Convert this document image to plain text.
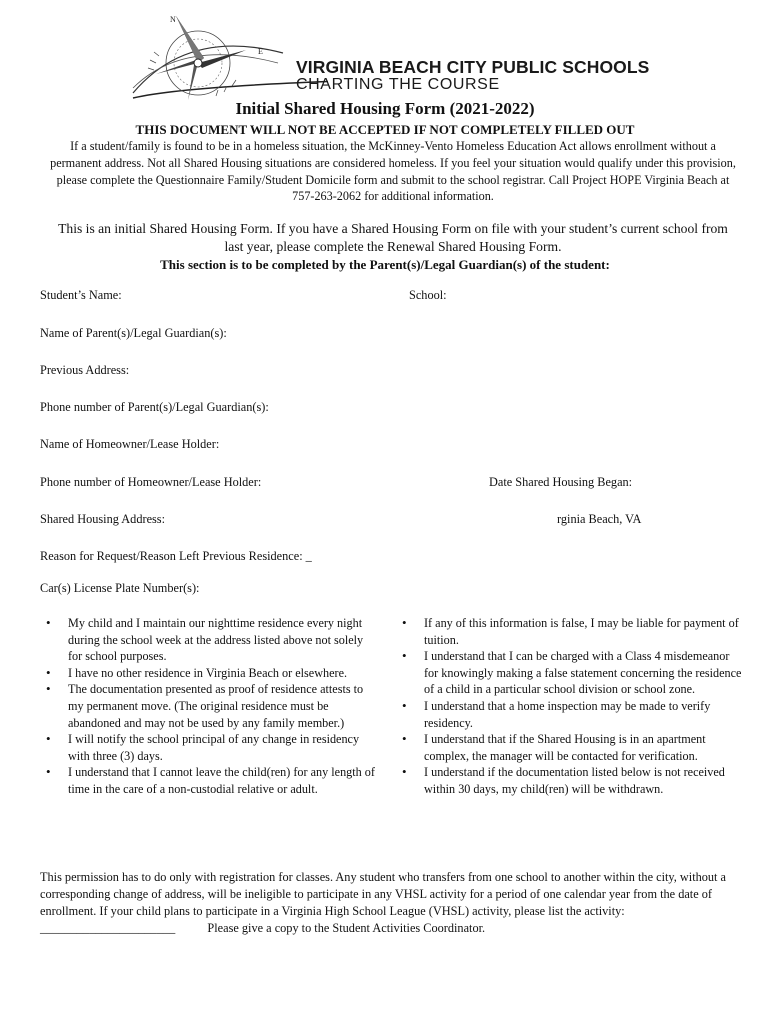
N
E
VIRGINIA BEACH CITY PUBLIC SCHOOLS
CHARTING THE COURSE
Initial Shared Housing Form (2021-2022)
THIS DOCUMENT WILL NOT BE ACCEPTED IF NOT COMPLETELY FILLED OUT
If a student/family is found to be in a homeless situation, the McKinney-Vento Homeless Education Act allows enrollment without a permanent address. Not all Shared Housing situations are considered homeless. If you feel your situation would qualify under this provision, please complete the Questionnaire Family/Student Domicile form and submit to the school registrar. Call Project HOPE Virginia Beach at 757-263-2062 for additional information.
This is an initial Shared Housing Form. If you have a Shared Housing Form on file with your student’s current school from last year, please complete the Renewal Shared Housing Form.
This section is to be completed by the Parent(s)/Legal Guardian(s) of the student:
Student’s Name:	School:
Name of Parent(s)/Legal Guardian(s):
Previous Address:
Phone number of Parent(s)/Legal Guardian(s):
Name of Homeowner/Lease Holder:
Phone number of Homeowner/Lease Holder:	Date Shared Housing Began:
Shared Housing Address:	rginia Beach, VA
Reason for Request/Reason Left Previous Residence: _
Car(s) License Plate Number(s):
• My child and I maintain our nighttime residence every night during the school week at the address listed above not solely for school purposes.
• I have no other residence in Virginia Beach or elsewhere.
• The documentation presented as proof of residence attests to my permanent move. (The original residence must be abandoned and may not be used by any family member.)
• I will notify the school principal of any change in residency with three (3) days.
• I understand that I cannot leave the child(ren) for any length of time in the care of a non-custodial relative or adult.
• If any of this information is false, I may be liable for payment of tuition.
• I understand that I can be charged with a Class 4 misdemeanor for knowingly making a false statement concerning the residence of a child in a particular school division or school zone.
• I understand that a home inspection may be made to verify residency.
• I understand that if the Shared Housing is in an apartment complex, the manager will be contacted for verification.
• I understand if the documentation listed below is not received within 30 days, my child(ren) will be withdrawn.
This permission has to do only with registration for classes. Any student who transfers from one school to another within the city, without a corresponding change of address, will be ineligible to participate in any VHSL activity for a period of one calendar year from the date of enrollment. If your child plans to participate in a Virginia High School League (VHSL) activity, please list the activity:  ______________________	Please give a copy to the Student Activities Coordinator.
